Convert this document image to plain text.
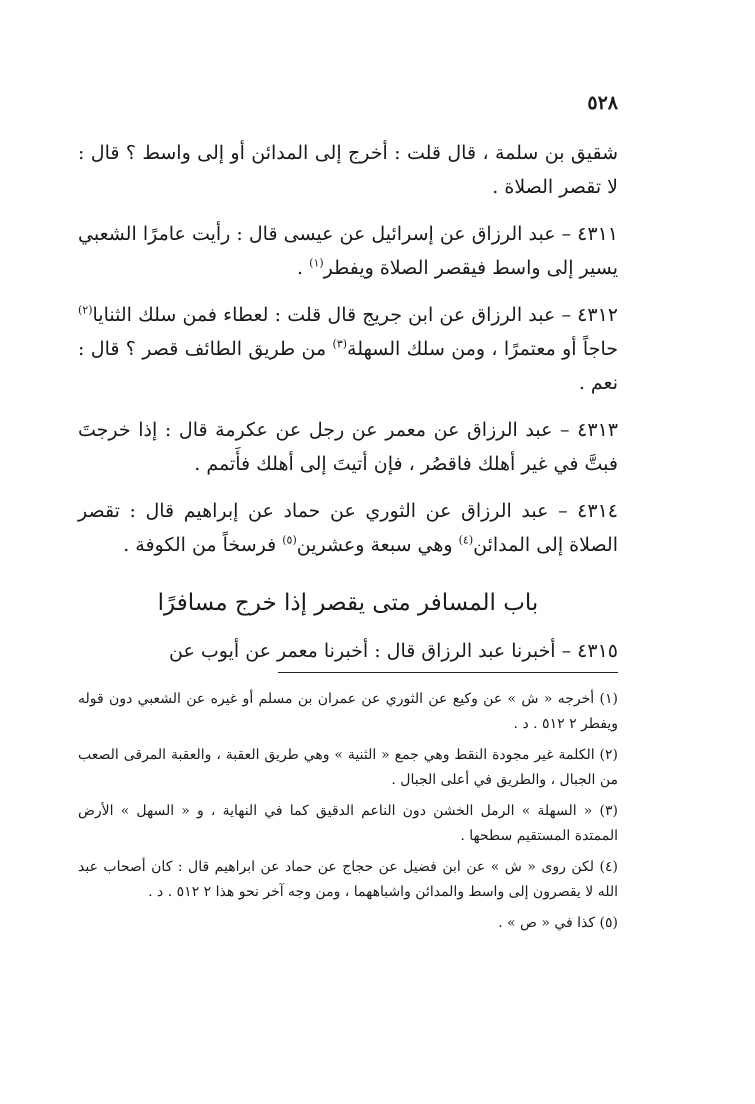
٥٢٨

شقيق بن سلمة ، قال قلت : أخرج إلى المدائن أو إلى واسط ؟ قال : لا تقصر الصلاة .

٤٣١١ – عبد الرزاق عن إسرائيل عن عيسى قال : رأيت عامرًا الشعبي يسير إلى واسط فيقصر الصلاة ويفطر$^{(١)}$ .

٤٣١٢ – عبد الرزاق عن ابن جريج قال قلت : لعطاء فمن سلك الثنايا$^{(٢)}$ حاجاً أو معتمرًا ، ومن سلك السهلة$^{(٣)}$ من طريق الطائف قصر ؟ قال : نعم .

٤٣١٣ – عبد الرزاق عن معمر عن رجل عن عكرمة قال : إذا خرجتَ فبتَّ في غير أهلك فاقصُر ، فإن أتيتَ إلى أهلك فأَتمم .

٤٣١٤ – عبد الرزاق عن الثوري عن حماد عن إبراهيم قال : تقصر الصلاة إلى المدائن$^{(٤)}$ وهي سبعة وعشرين$^{(٥)}$ فرسخاً من الكوفة .

باب المسافر متى يقصر إذا خرج مسافرًا

٤٣١٥ – أخبرنا عبد الرزاق قال : أخبرنا معمر عن أيوب عن

(١) أخرجه « ش » عن وكيع عن الثوري عن عمران بن مسلم أو غيره عن الشعبي دون قوله ويفطر ٢ ٥١٢ . د .

(٢) الكلمة غير مجودة النقط وهي جمع « الثنية » وهي طريق العقبة ، والعقبة المرقى الصعب من الجبال ، والطريق في أعلى الجبال .

(٣) « السهلة » الرمل الخشن دون الناعم الدقيق كما في النهاية ، و « السهل » الأرض الممتدة المستقيم سطحها .

(٤) لكن روى « ش » عن ابن فضيل عن حجاج عن حماد عن ابراهيم قال : كان أصحاب عبد الله لا يقصرون إلى واسط والمدائن واشباههما ، ومن وجه آخر نحو هذا ٢ ٥١٢ . د .

(٥) كذا في « ص » .
